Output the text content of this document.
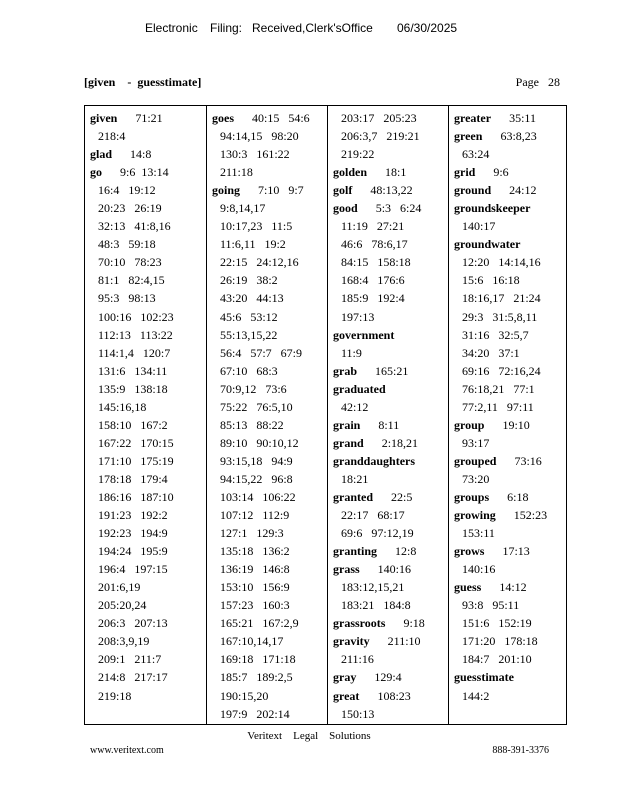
Electronic

Filing:

Received,Clerk'sOffice

06/30/2025

[given    -  guesstimate]	Page   28
given      71:21
218:4
glad      14:8
go      9:6  13:14
16:4   19:12
20:23   26:19
32:13   41:8,16
48:3   59:18
70:10   78:23
81:1   82:4,15
95:3   98:13
100:16   102:23
112:13   113:22
114:1,4   120:7
131:6   134:11
135:9   138:18
145:16,18
158:10   167:2
167:22   170:15
171:10   175:19
178:18   179:4
186:16   187:10
191:23   192:2
192:23   194:9
194:24   195:9
196:4   197:15
201:6,19
205:20,24
206:3   207:13
208:3,9,19
209:1   211:7
214:8   217:17
219:18
goes      40:15   54:6
94:14,15   98:20
130:3   161:22
211:18
going      7:10   9:7
9:8,14,17
10:17,23   11:5
11:6,11   19:2
22:15   24:12,16
26:19   38:2
43:20   44:13
45:6   53:12
55:13,15,22
56:4   57:7   67:9
67:10   68:3
70:9,12   73:6
75:22   76:5,10
85:13   88:22
89:10   90:10,12
93:15,18   94:9
94:15,22   96:8
103:14   106:22
107:12   112:9
127:1   129:3
135:18   136:2
136:19   146:8
153:10   156:9
157:23   160:3
165:21   167:2,9
167:10,14,17
169:18   171:18
185:7   189:2,5
190:15,20
197:9   202:14
203:17   205:23
206:3,7   219:21
219:22
golden      18:1
golf      48:13,22
good      5:3   6:24
11:19   27:21
46:6   78:6,17
84:15   158:18
168:4   176:6
185:9   192:4
197:13
government
11:9
grab      165:21
graduated
42:12
grain      8:11
grand      2:18,21
granddaughters
18:21
granted      22:5
22:17   68:17
69:6   97:12,19
granting      12:8
grass      140:16
183:12,15,21
183:21   184:8
grassroots      9:18
gravity      211:10
211:16
gray      129:4
great      108:23
150:13
greater      35:11
green      63:8,23
63:24
grid      9:6
ground      24:12
groundskeeper
140:17
groundwater
12:20   14:14,16
15:6   16:18
18:16,17   21:24
29:3   31:5,8,11
31:16   32:5,7
34:20   37:1
69:16   72:16,24
76:18,21   77:1
77:2,11   97:11
group      19:10
93:17
grouped      73:16
73:20
groups      6:18
growing      152:23
153:11
grows      17:13
140:16
guess      14:12
93:8   95:11
151:6   152:19
171:20   178:18
184:7   201:10
guesstimate
144:2
Veritext    Legal    Solutions
www.veritext.com	888-391-3376
